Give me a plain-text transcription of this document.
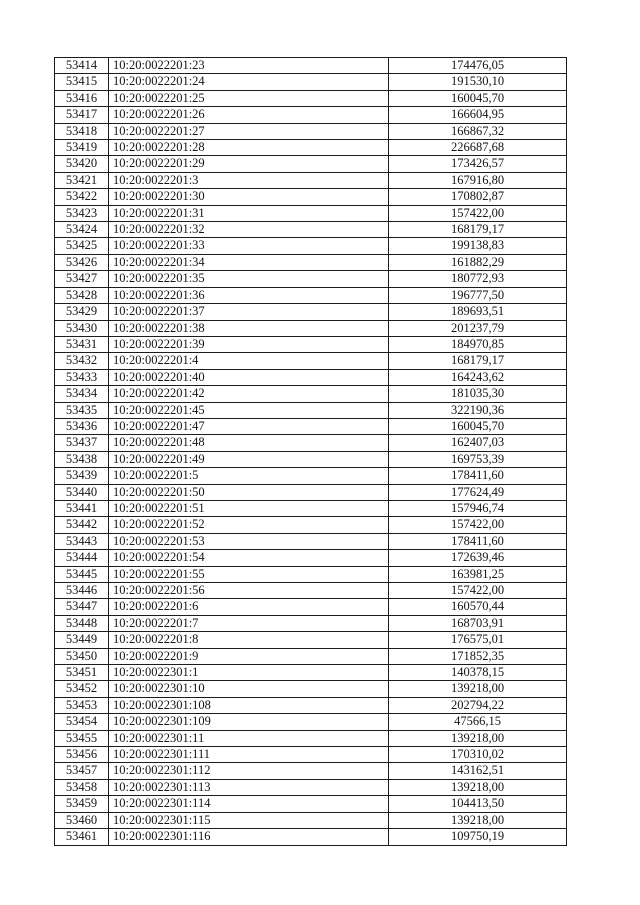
53414	10:20:0022201:23	174476,05
53415	10:20:0022201:24	191530,10
53416	10:20:0022201:25	160045,70
53417	10:20:0022201:26	166604,95
53418	10:20:0022201:27	166867,32
53419	10:20:0022201:28	226687,68
53420	10:20:0022201:29	173426,57
53421	10:20:0022201:3	167916,80
53422	10:20:0022201:30	170802,87
53423	10:20:0022201:31	157422,00
53424	10:20:0022201:32	168179,17
53425	10:20:0022201:33	199138,83
53426	10:20:0022201:34	161882,29
53427	10:20:0022201:35	180772,93
53428	10:20:0022201:36	196777,50
53429	10:20:0022201:37	189693,51
53430	10:20:0022201:38	201237,79
53431	10:20:0022201:39	184970,85
53432	10:20:0022201:4	168179,17
53433	10:20:0022201:40	164243,62
53434	10:20:0022201:42	181035,30
53435	10:20:0022201:45	322190,36
53436	10:20:0022201:47	160045,70
53437	10:20:0022201:48	162407,03
53438	10:20:0022201:49	169753,39
53439	10:20:0022201:5	178411,60
53440	10:20:0022201:50	177624,49
53441	10:20:0022201:51	157946,74
53442	10:20:0022201:52	157422,00
53443	10:20:0022201:53	178411,60
53444	10:20:0022201:54	172639,46
53445	10:20:0022201:55	163981,25
53446	10:20:0022201:56	157422,00
53447	10:20:0022201:6	160570,44
53448	10:20:0022201:7	168703,91
53449	10:20:0022201:8	176575,01
53450	10:20:0022201:9	171852,35
53451	10:20:0022301:1	140378,15
53452	10:20:0022301:10	139218,00
53453	10:20:0022301:108	202794,22
53454	10:20:0022301:109	47566,15
53455	10:20:0022301:11	139218,00
53456	10:20:0022301:111	170310,02
53457	10:20:0022301:112	143162,51
53458	10:20:0022301:113	139218,00
53459	10:20:0022301:114	104413,50
53460	10:20:0022301:115	139218,00
53461	10:20:0022301:116	109750,19
